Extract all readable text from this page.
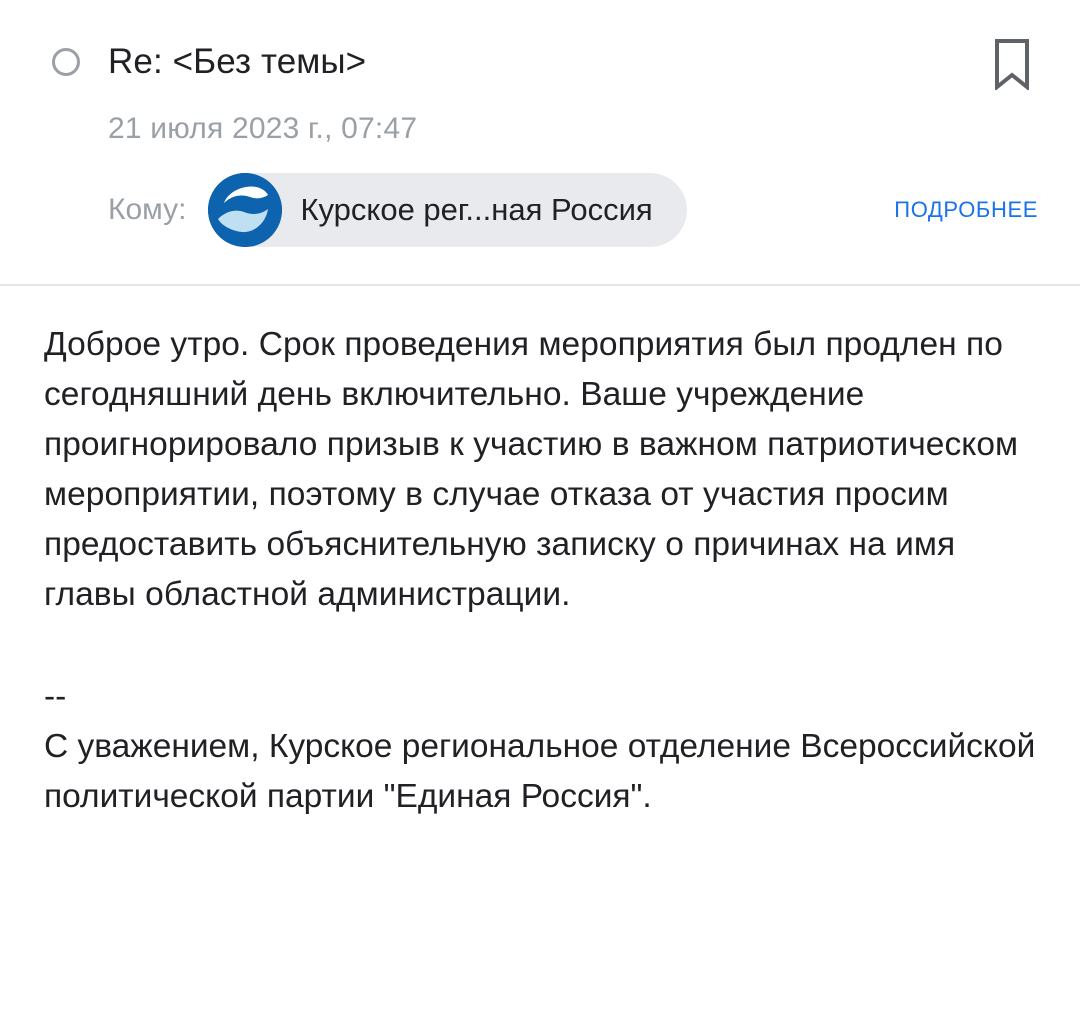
Re: <Без темы>
21 июля 2023 г., 07:47
Кому:	Курское рег...ная Россия	ПОДРОБНЕЕ
Доброе утро. Срок проведения мероприятия был продлен по сегодняшний день включительно. Ваше учреждение проигнорировало призыв к участию в важном патриотическом мероприятии, поэтому в случае отказа от участия просим предоставить объяснительную записку о причинах на имя главы областной администрации.
--
С уважением, Курское региональное отделение Всероссийской политической партии "Единая Россия".
